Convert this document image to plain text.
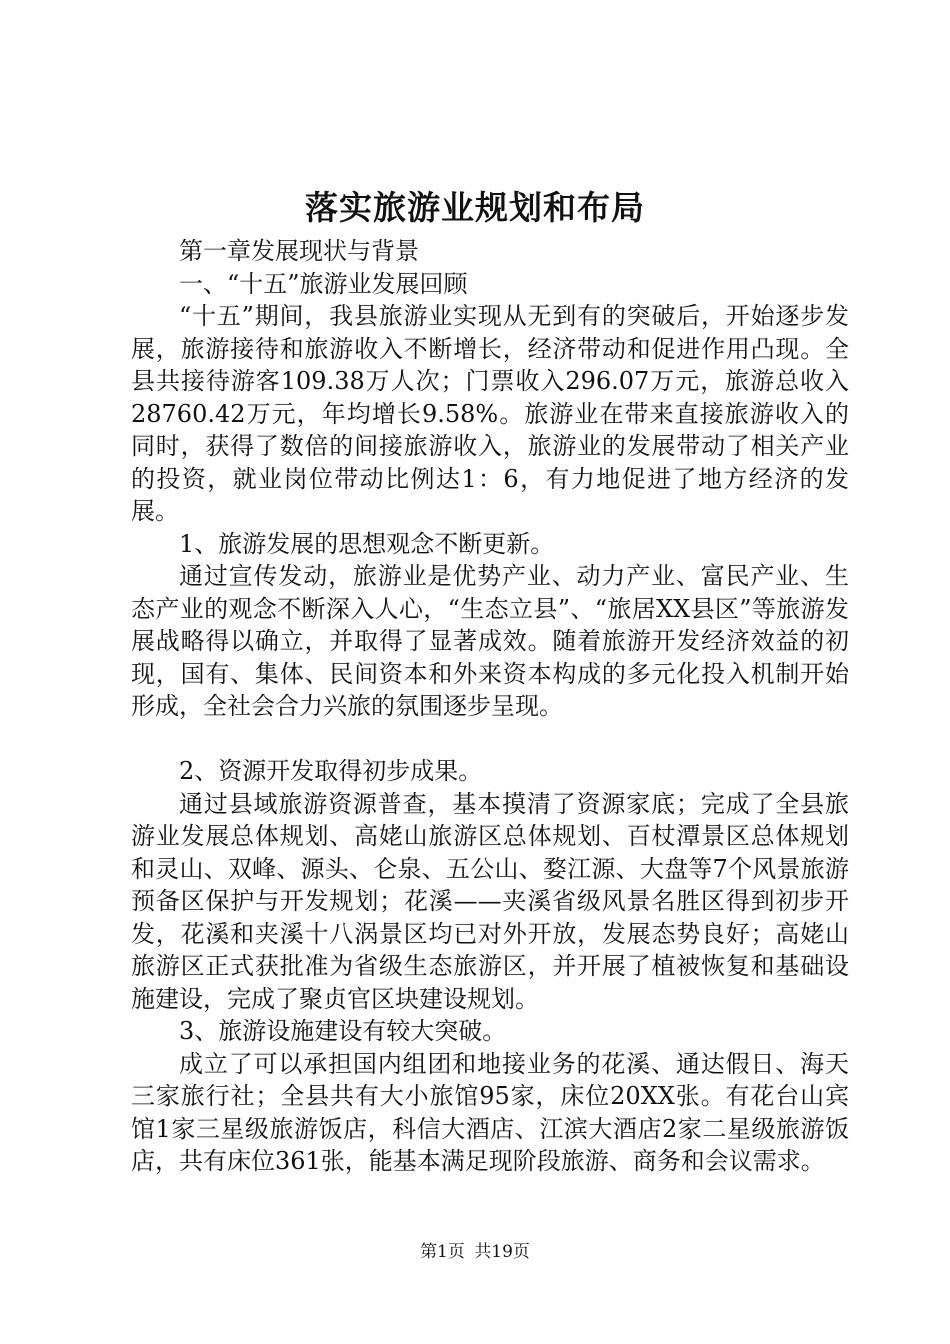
落实旅游业规划和布局

第一章发展现状与背景

一、“十五”旅游业发展回顾

“十五”期间，我县旅游业实现从无到有的突破后，开始逐步发展，旅游接待和旅游收入不断增长，经济带动和促进作用凸现。全县共接待游客109.38万人次；门票收入296.07万元，旅游总收入28760.42万元，年均增长9.58%。旅游业在带来直接旅游收入的同时，获得了数倍的间接旅游收入，旅游业的发展带动了相关产业的投资，就业岗位带动比例达1：6，有力地促进了地方经济的发展。

1、旅游发展的思想观念不断更新。

通过宣传发动，旅游业是优势产业、动力产业、富民产业、生态产业的观念不断深入人心，“生态立县”、“旅居XX县区”等旅游发展战略得以确立，并取得了显著成效。随着旅游开发经济效益的初现，国有、集体、民间资本和外来资本构成的多元化投入机制开始形成，全社会合力兴旅的氛围逐步呈现。

2、资源开发取得初步成果。

通过县域旅游资源普查，基本摸清了资源家底；完成了全县旅游业发展总体规划、高姥山旅游区总体规划、百杖潭景区总体规划和灵山、双峰、源头、仑泉、五公山、婺江源、大盘等7个风景旅游预备区保护与开发规划；花溪——夹溪省级风景名胜区得到初步开发，花溪和夹溪十八涡景区均已对外开放，发展态势良好；高姥山旅游区正式获批准为省级生态旅游区，并开展了植被恢复和基础设施建设，完成了聚贞官区块建设规划。

3、旅游设施建设有较大突破。

成立了可以承担国内组团和地接业务的花溪、通达假日、海天三家旅行社；全县共有大小旅馆95家，床位20XX张。有花台山宾馆1家三星级旅游饭店，科信大酒店、江滨大酒店2家二星级旅游饭店，共有床位361张，能基本满足现阶段旅游、商务和会议需求。

第1页 共19页
